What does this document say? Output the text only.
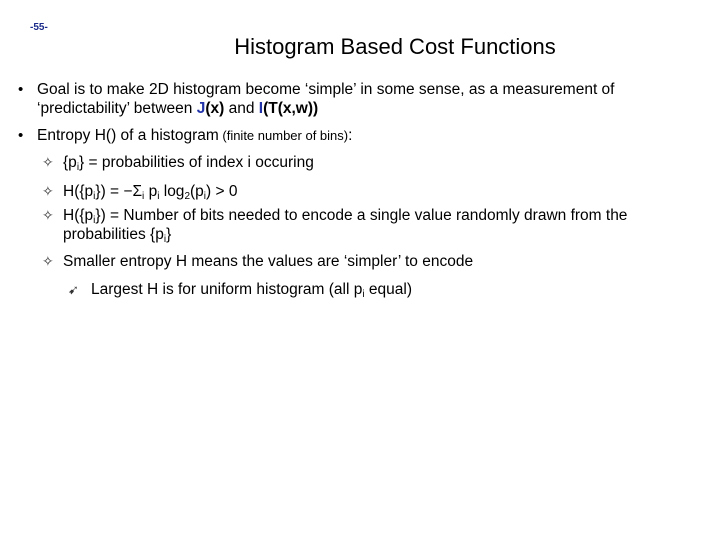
-55-
Histogram Based Cost Functions
• Goal is to make 2D histogram become ‘simple’ in some sense, as a measurement of ‘predictability’ between J(x) and I(T(x,w))
• Entropy H() of a histogram (finite number of bins):
✧ $\{p_i\}$ = probabilities of index i occuring
✧ $H(\{p_i\}) = -\Sigma_i$ $p_i$ $\log_2(p_i) > 0$
✧ $H(\{p_i\})$ = Number of bits needed to encode a single value randomly drawn from the probabilities $\{p_i\}$
✧ Smaller entropy H means the values are ‘simpler’ to encode
➹ Largest H is for uniform histogram (all $p_i$ equal)
